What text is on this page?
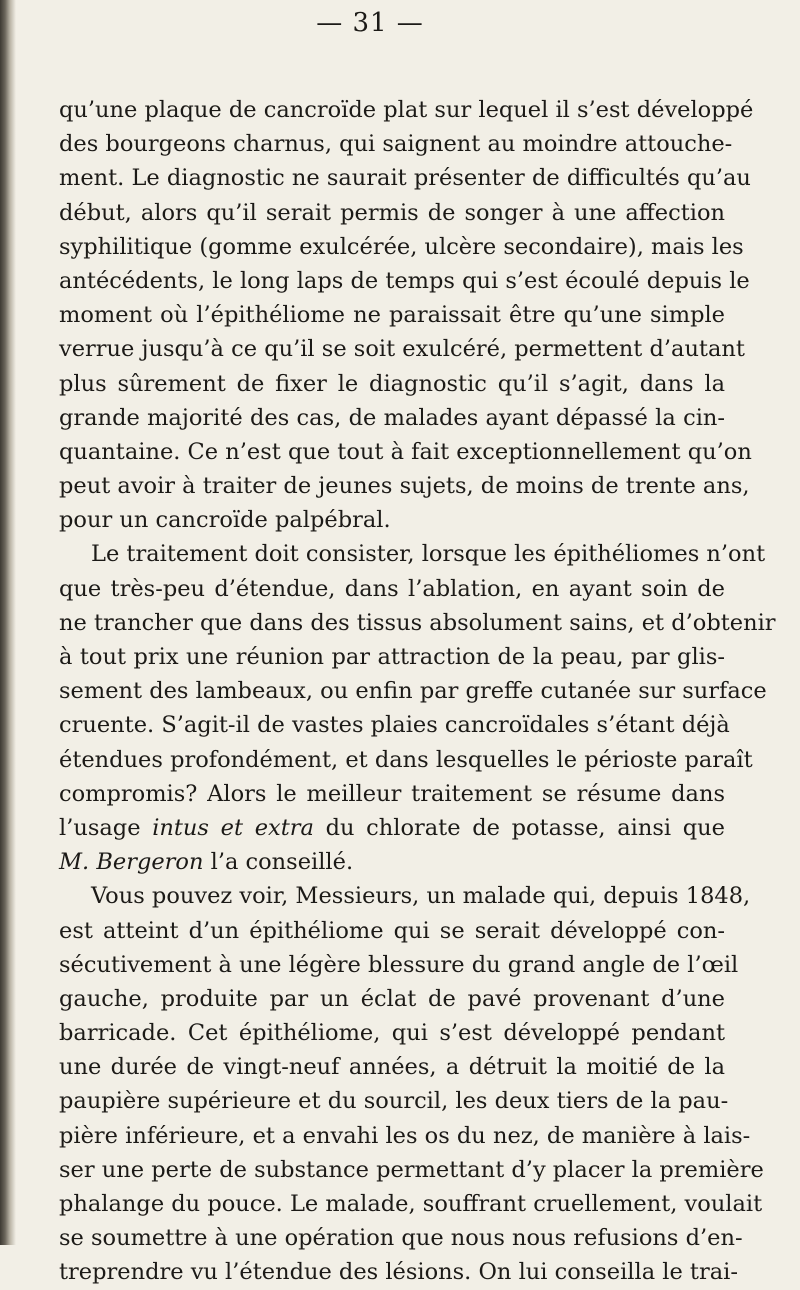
— 31 —

qu’une plaque de cancroïde plat sur lequel il s’est développé

des bourgeons charnus, qui saignent au moindre attouche-

ment. Le diagnostic ne saurait présenter de difficultés qu’au

début, alors qu’il serait permis de songer à une affection

syphilitique (gomme exulcérée, ulcère secondaire), mais les

antécédents, le long laps de temps qui s’est écoulé depuis le

moment où l’épithéliome ne paraissait être qu’une simple

verrue jusqu’à ce qu’il se soit exulcéré, permettent d’autant

plus sûrement de fixer le diagnostic qu’il s’agit, dans la

grande majorité des cas, de malades ayant dépassé la cin-

quantaine. Ce n’est que tout à fait exceptionnellement qu’on

peut avoir à traiter de jeunes sujets, de moins de trente ans,

pour un cancroïde palpébral.

Le traitement doit consister, lorsque les épithéliomes n’ont

que très-peu d’étendue, dans l’ablation, en ayant soin de

ne trancher que dans des tissus absolument sains, et d’obtenir

à tout prix une réunion par attraction de la peau, par glis-

sement des lambeaux, ou enfin par greffe cutanée sur surface

cruente. S’agit-il de vastes plaies cancroïdales s’étant déjà

étendues profondément, et dans lesquelles le périoste paraît

compromis? Alors le meilleur traitement se résume dans

l’usage intus et extra du chlorate de potasse, ainsi que

M. Bergeron l’a conseillé.

Vous pouvez voir, Messieurs, un malade qui, depuis 1848,

est atteint d’un épithéliome qui se serait développé con-

sécutivement à une légère blessure du grand angle de l’œil

gauche, produite par un éclat de pavé provenant d’une

barricade. Cet épithéliome, qui s’est développé pendant

une durée de vingt-neuf années, a détruit la moitié de la

paupière supérieure et du sourcil, les deux tiers de la pau-

pière inférieure, et a envahi les os du nez, de manière à lais-

ser une perte de substance permettant d’y placer la première

phalange du pouce. Le malade, souffrant cruellement, voulait

se soumettre à une opération que nous nous refusions d’en-

treprendre vu l’étendue des lésions. On lui conseilla le trai-
